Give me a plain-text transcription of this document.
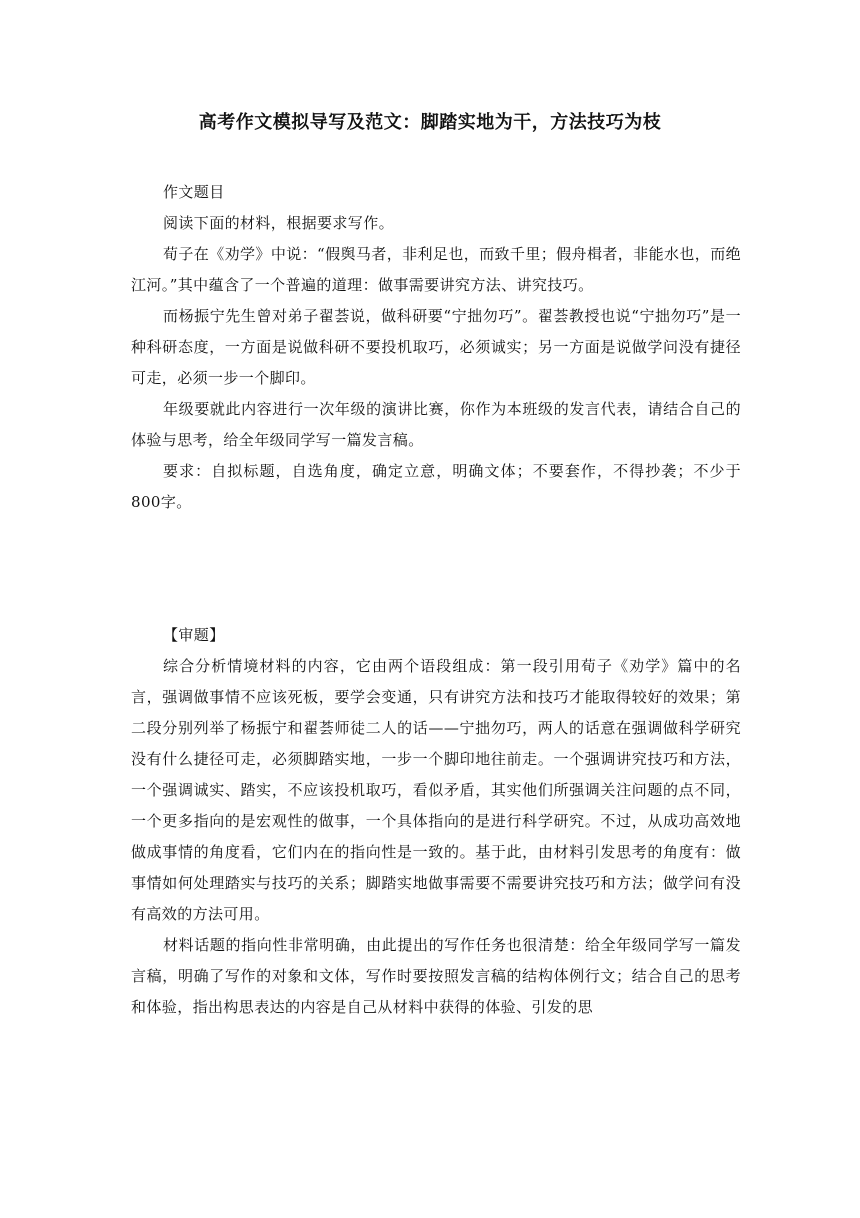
高考作文模拟导写及范文：脚踏实地为干，方法技巧为枝

作文题目

阅读下面的材料，根据要求写作。

荀子在《劝学》中说：“假舆马者，非利足也，而致千里；假舟楫者，非能水也，而绝江河。”其中蕴含了一个普遍的道理：做事需要讲究方法、讲究技巧。

而杨振宁先生曾对弟子翟荟说，做科研要“宁拙勿巧”。翟荟教授也说“宁拙勿巧”是一种科研态度，一方面是说做科研不要投机取巧，必须诚实；另一方面是说做学问没有捷径可走，必须一步一个脚印。

年级要就此内容进行一次年级的演讲比赛，你作为本班级的发言代表，请结合自己的体验与思考，给全年级同学写一篇发言稿。

要求：自拟标题，自选角度，确定立意，明确文体；不要套作，不得抄袭；不少于800字。

【审题】

综合分析情境材料的内容，它由两个语段组成：第一段引用荀子《劝学》篇中的名言，强调做事情不应该死板，要学会变通，只有讲究方法和技巧才能取得较好的效果；第二段分别列举了杨振宁和翟荟师徒二人的话——宁拙勿巧，两人的话意在强调做科学研究没有什么捷径可走，必须脚踏实地，一步一个脚印地往前走。一个强调讲究技巧和方法，一个强调诚实、踏实，不应该投机取巧，看似矛盾，其实他们所强调关注问题的点不同，一个更多指向的是宏观性的做事，一个具体指向的是进行科学研究。不过，从成功高效地做成事情的角度看，它们内在的指向性是一致的。基于此，由材料引发思考的角度有：做事情如何处理踏实与技巧的关系；脚踏实地做事需要不需要讲究技巧和方法；做学问有没有高效的方法可用。

材料话题的指向性非常明确，由此提出的写作任务也很清楚：给全年级同学写一篇发言稿，明确了写作的对象和文体，写作时要按照发言稿的结构体例行文；结合自己的思考和体验，指出构思表达的内容是自己从材料中获得的体验、引发的思
